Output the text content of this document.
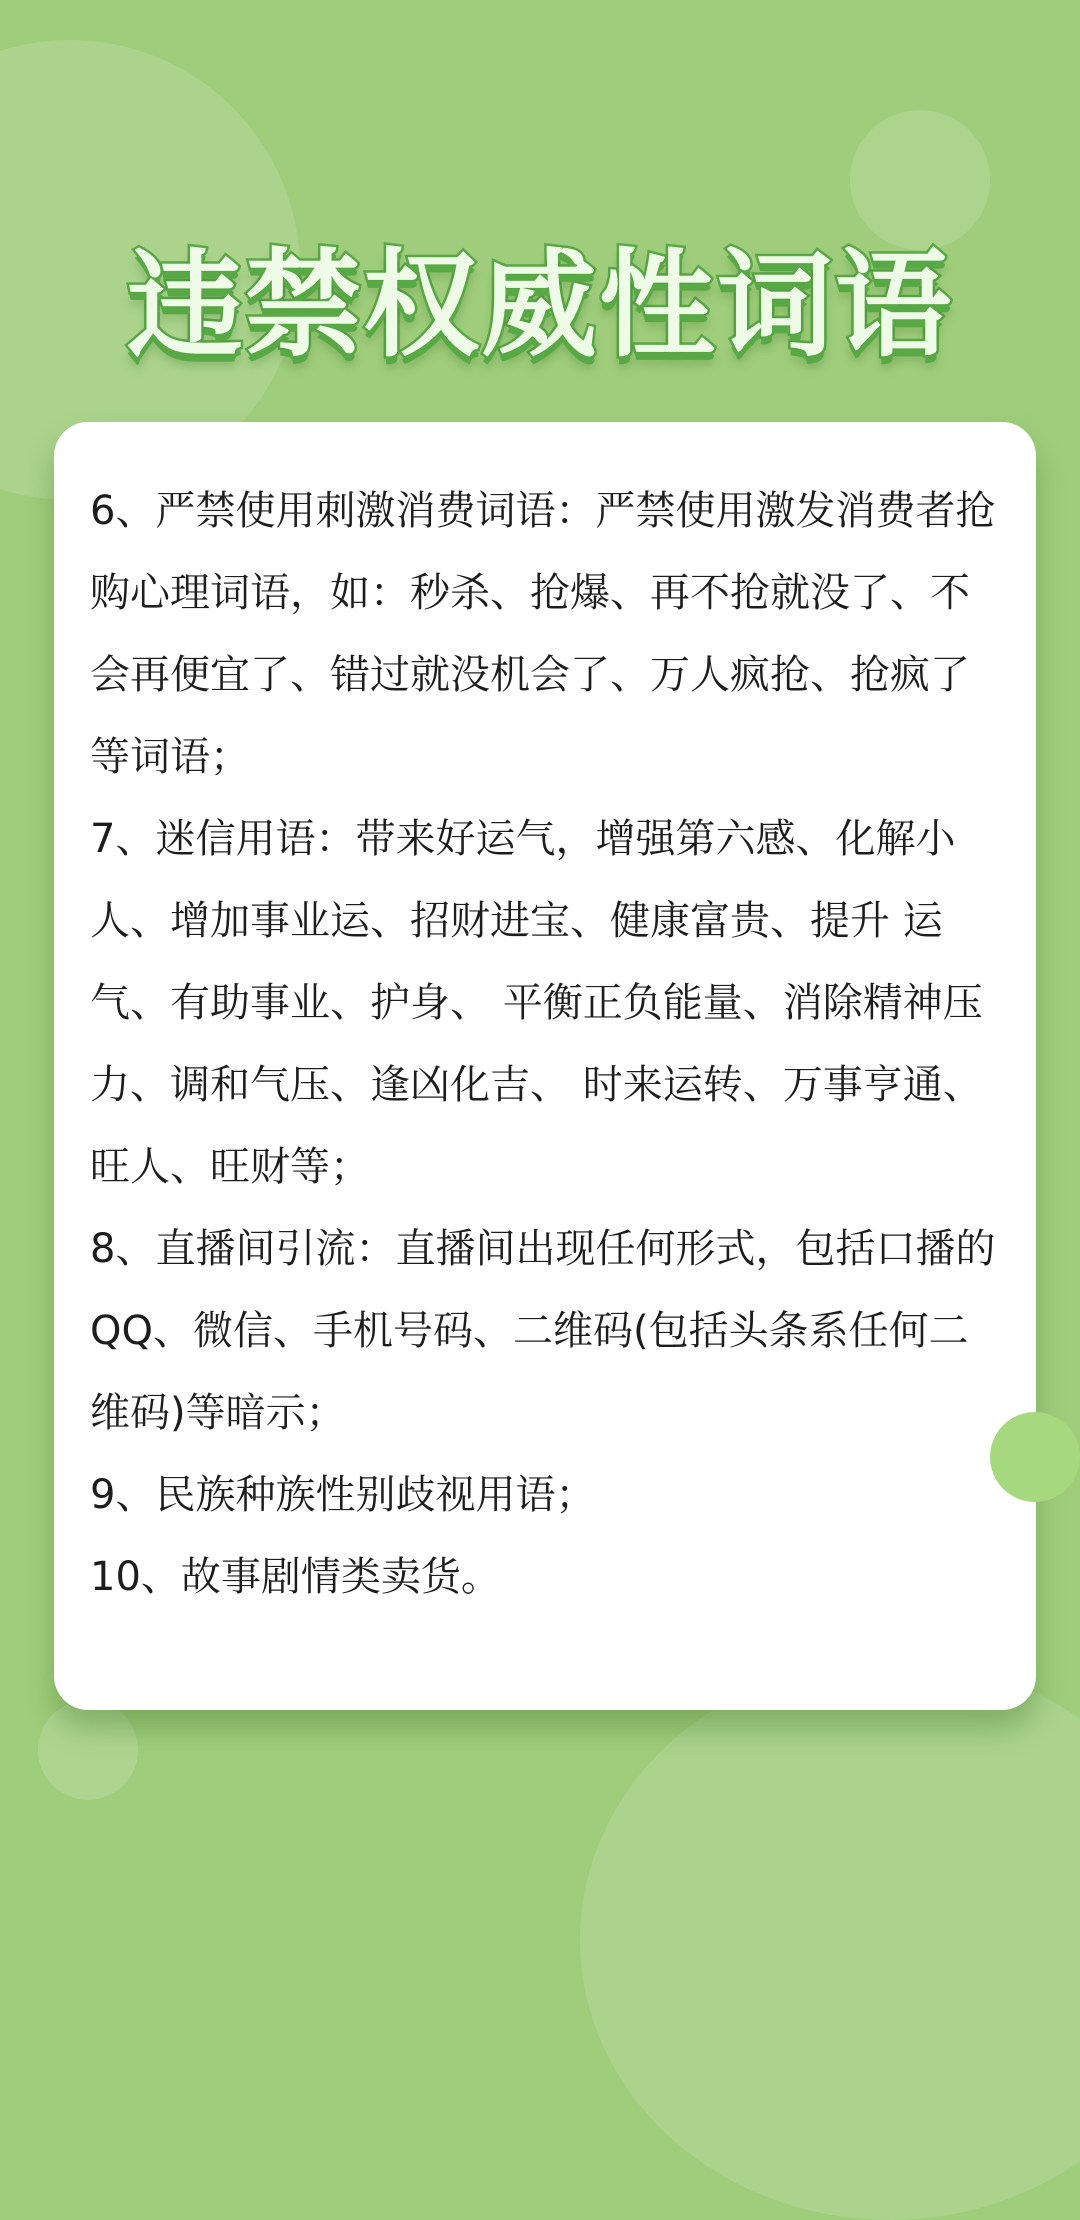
违禁权威性词语

6、严禁使用刺激消费词语：严禁使用激发消费者抢购心理词语，如：秒杀、抢爆、再不抢就没了、不会再便宜了、错过就没机会了、万人疯抢、抢疯了等词语；

7、迷信用语：带来好运气，增强第六感、化解小人、增加事业运、招财进宝、健康富贵、提升 运气、有助事业、护身、 平衡正负能量、消除精神压力、调和气压、逢凶化吉、 时来运转、万事亨通、旺人、旺财等；

8、直播间引流：直播间出现任何形式，包括口播的 QQ、微信、手机号码、二维码(包括头条系任何二维码)等暗示；

9、民族种族性别歧视用语；

10、故事剧情类卖货。
